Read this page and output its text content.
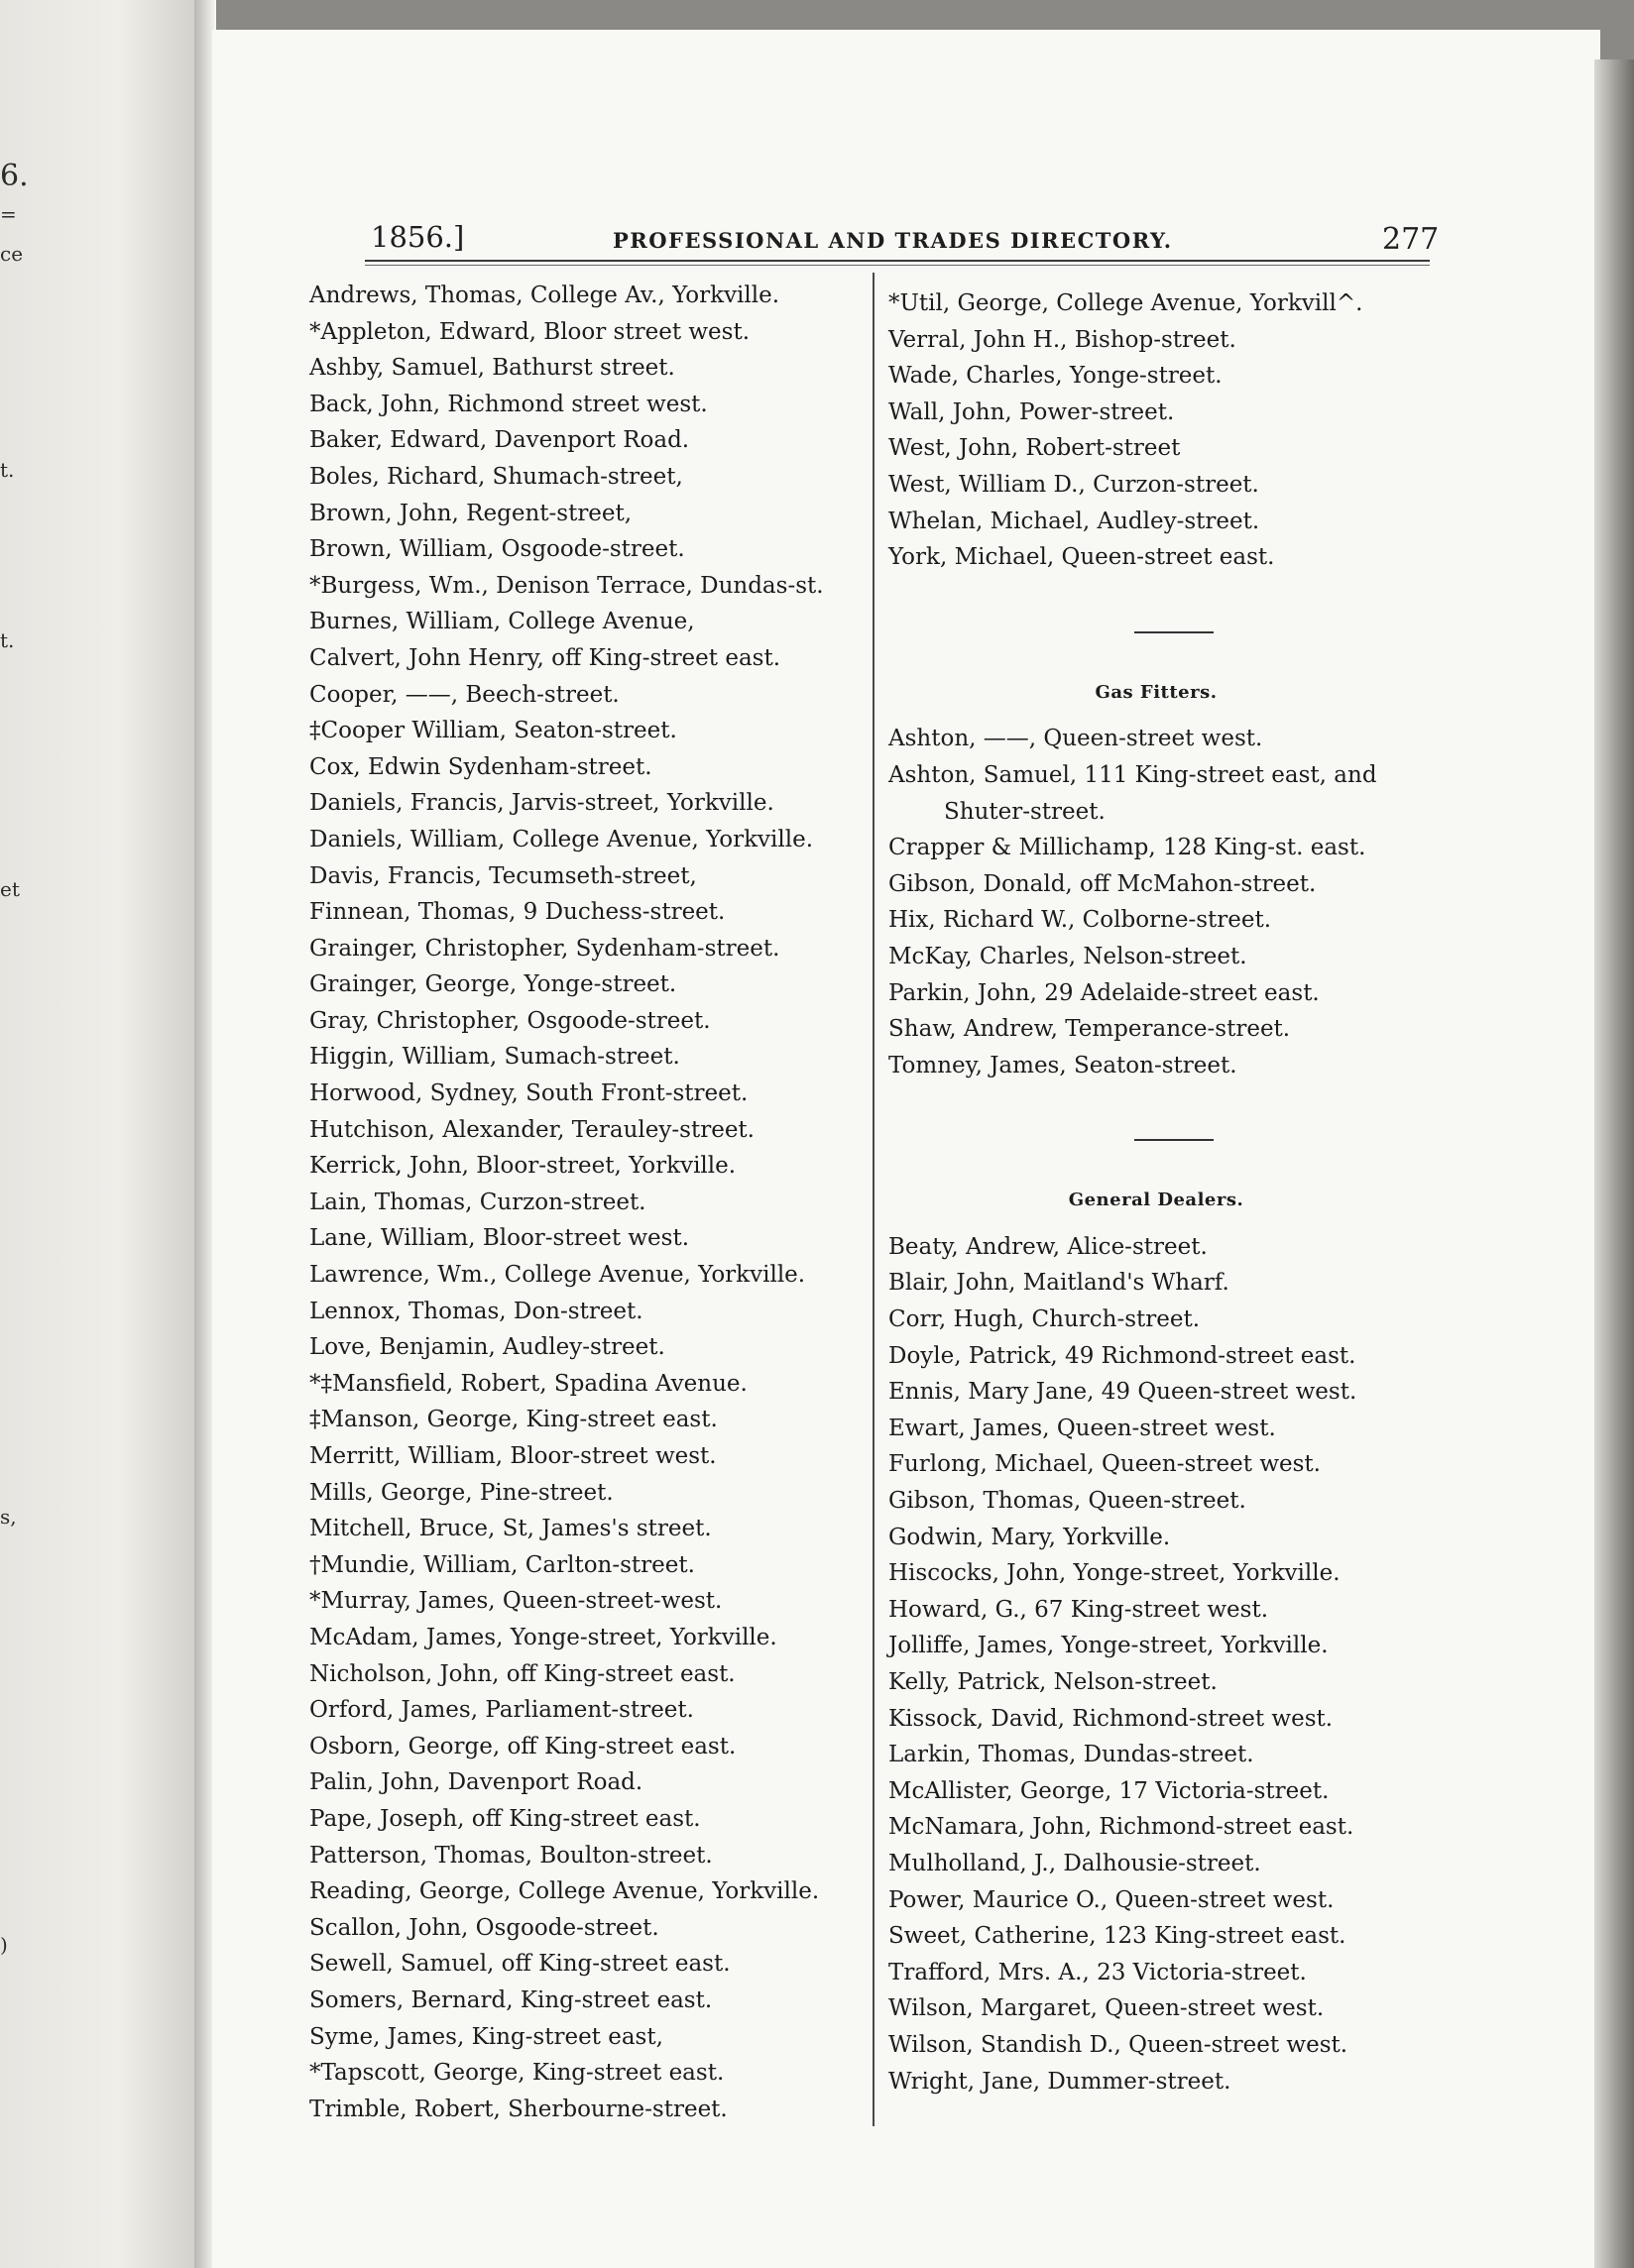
6.
=
ce
t.
t.
et
s,
)
1856.]	PROFESSIONAL AND TRADES DIRECTORY.	277
Andrews, Thomas, College Av., Yorkville.
*Appleton, Edward, Bloor street west.
Ashby, Samuel, Bathurst street.
Back, John, Richmond street west.
Baker, Edward, Davenport Road.
Boles, Richard, Shumach-street,
Brown, John, Regent-street,
Brown, William, Osgoode-street.
*Burgess, Wm., Denison Terrace, Dundas-st.
Burnes, William, College Avenue,
Calvert, John Henry, off King-street east.
Cooper, ——, Beech-street.
‡Cooper William, Seaton-street.
Cox, Edwin Sydenham-street.
Daniels, Francis, Jarvis-street, Yorkville.
Daniels, William, College Avenue, Yorkville.
Davis, Francis, Tecumseth-street,
Finnean, Thomas, 9 Duchess-street.
Grainger, Christopher, Sydenham-street.
Grainger, George, Yonge-street.
Gray, Christopher, Osgoode-street.
Higgin, William, Sumach-street.
Horwood, Sydney, South Front-street.
Hutchison, Alexander, Terauley-street.
Kerrick, John, Bloor-street, Yorkville.
Lain, Thomas, Curzon-street.
Lane, William, Bloor-street west.
Lawrence, Wm., College Avenue, Yorkville.
Lennox, Thomas, Don-street.
Love, Benjamin, Audley-street.
*‡Mansfield, Robert, Spadina Avenue.
‡Manson, George, King-street east.
Merritt, William, Bloor-street west.
Mills, George, Pine-street.
Mitchell, Bruce, St, James's street.
†Mundie, William, Carlton-street.
*Murray, James, Queen-street-west.
McAdam, James, Yonge-street, Yorkville.
Nicholson, John, off King-street east.
Orford, James, Parliament-street.
Osborn, George, off King-street east.
Palin, John, Davenport Road.
Pape, Joseph, off King-street east.
Patterson, Thomas, Boulton-street.
Reading, George, College Avenue, Yorkville.
Scallon, John, Osgoode-street.
Sewell, Samuel, off King-street east.
Somers, Bernard, King-street east.
Syme, James, King-street east,
*Tapscott, George, King-street east.
Trimble, Robert, Sherbourne-street.
*Util, George, College Avenue, Yorkvill^.
Verral, John H., Bishop-street.
Wade, Charles, Yonge-street.
Wall, John, Power-street.
West, John, Robert-street
West, William D., Curzon-street.
Whelan, Michael, Audley-street.
York, Michael, Queen-street east.
Gas Fitters.
Ashton, ——, Queen-street west.
Ashton, Samuel, 111 King-street east, and
Shuter-street.
Crapper & Millichamp, 128 King-st. east.
Gibson, Donald, off McMahon-street.
Hix, Richard W., Colborne-street.
McKay, Charles, Nelson-street.
Parkin, John, 29 Adelaide-street east.
Shaw, Andrew, Temperance-street.
Tomney, James, Seaton-street.
General Dealers.
Beaty, Andrew, Alice-street.
Blair, John, Maitland's Wharf.
Corr, Hugh, Church-street.
Doyle, Patrick, 49 Richmond-street east.
Ennis, Mary Jane, 49 Queen-street west.
Ewart, James, Queen-street west.
Furlong, Michael, Queen-street west.
Gibson, Thomas, Queen-street.
Godwin, Mary, Yorkville.
Hiscocks, John, Yonge-street, Yorkville.
Howard, G., 67 King-street west.
Jolliffe, James, Yonge-street, Yorkville.
Kelly, Patrick, Nelson-street.
Kissock, David, Richmond-street west.
Larkin, Thomas, Dundas-street.
McAllister, George, 17 Victoria-street.
McNamara, John, Richmond-street east.
Mulholland, J., Dalhousie-street.
Power, Maurice O., Queen-street west.
Sweet, Catherine, 123 King-street east.
Trafford, Mrs. A., 23 Victoria-street.
Wilson, Margaret, Queen-street west.
Wilson, Standish D., Queen-street west.
Wright, Jane, Dummer-street.
